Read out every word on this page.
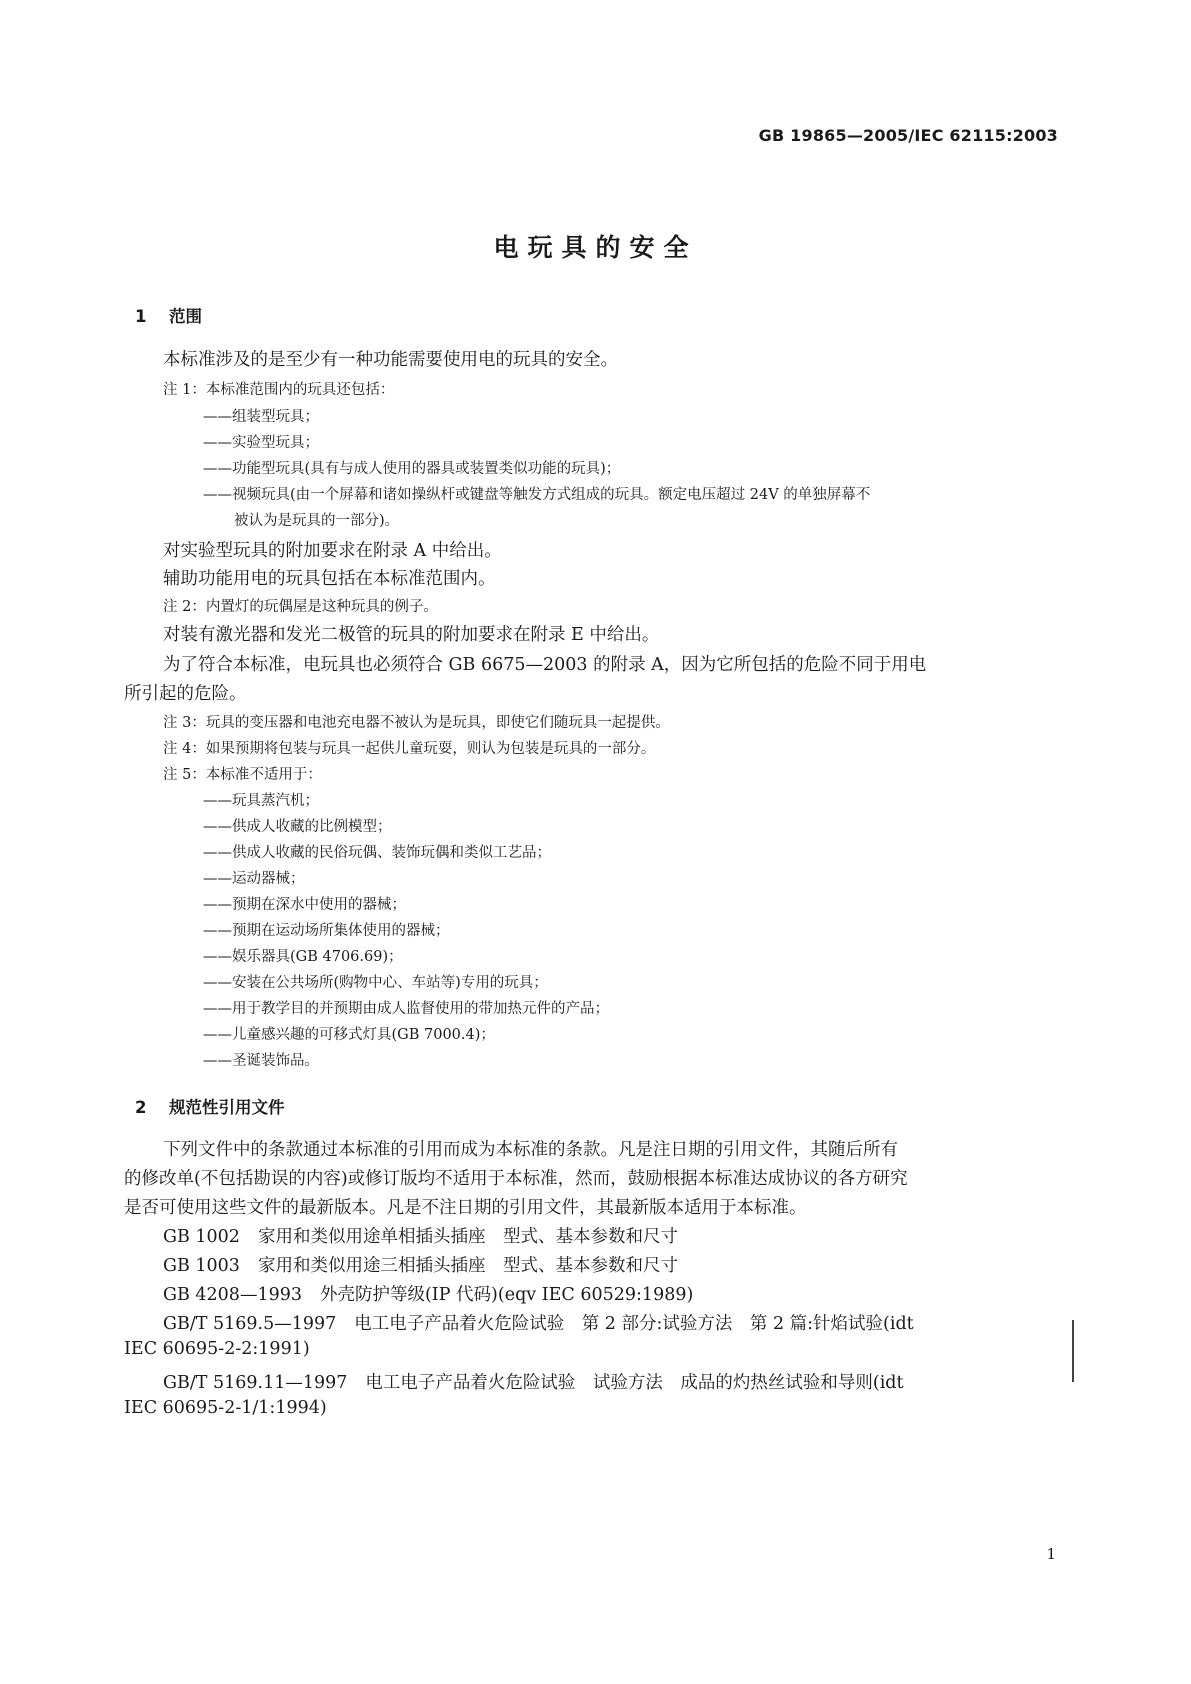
GB 19865—2005/IEC 62115:2003
电玩具的安全
1 范围
本标准涉及的是至少有一种功能需要使用电的玩具的安全。
注 1：本标准范围内的玩具还包括：
——组装型玩具；
——实验型玩具；
——功能型玩具(具有与成人使用的器具或装置类似功能的玩具)；
——视频玩具(由一个屏幕和诸如操纵杆或键盘等触发方式组成的玩具。额定电压超过 24V 的单独屏幕不
被认为是玩具的一部分)。
对实验型玩具的附加要求在附录 A 中给出。
辅助功能用电的玩具包括在本标准范围内。
注 2：内置灯的玩偶屋是这种玩具的例子。
对装有激光器和发光二极管的玩具的附加要求在附录 E 中给出。
为了符合本标准，电玩具也必须符合 GB 6675—2003 的附录 A，因为它所包括的危险不同于用电
所引起的危险。
注 3：玩具的变压器和电池充电器不被认为是玩具，即使它们随玩具一起提供。
注 4：如果预期将包装与玩具一起供儿童玩耍，则认为包装是玩具的一部分。
注 5：本标准不适用于：
——玩具蒸汽机；
——供成人收藏的比例模型；
——供成人收藏的民俗玩偶、装饰玩偶和类似工艺品；
——运动器械；
——预期在深水中使用的器械；
——预期在运动场所集体使用的器械；
——娱乐器具(GB 4706.69)；
——安装在公共场所(购物中心、车站等)专用的玩具；
——用于教学目的并预期由成人监督使用的带加热元件的产品；
——儿童感兴趣的可移式灯具(GB 7000.4)；
——圣诞装饰品。
2 规范性引用文件
下列文件中的条款通过本标准的引用而成为本标准的条款。凡是注日期的引用文件，其随后所有
的修改单(不包括勘误的内容)或修订版均不适用于本标准，然而，鼓励根据本标准达成协议的各方研究
是否可使用这些文件的最新版本。凡是不注日期的引用文件，其最新版本适用于本标准。
GB 1002 家用和类似用途单相插头插座　型式、基本参数和尺寸
GB 1003 家用和类似用途三相插头插座　型式、基本参数和尺寸
GB 4208—1993 外壳防护等级(IP 代码)(eqv IEC 60529:1989)
GB/T 5169.5—1997 电工电子产品着火危险试验　第 2 部分:试验方法　第 2 篇:针焰试验(idt
IEC 60695-2-2:1991)
GB/T 5169.11—1997 电工电子产品着火危险试验　试验方法　成品的灼热丝试验和导则(idt
IEC 60695-2-1/1:1994)
1
